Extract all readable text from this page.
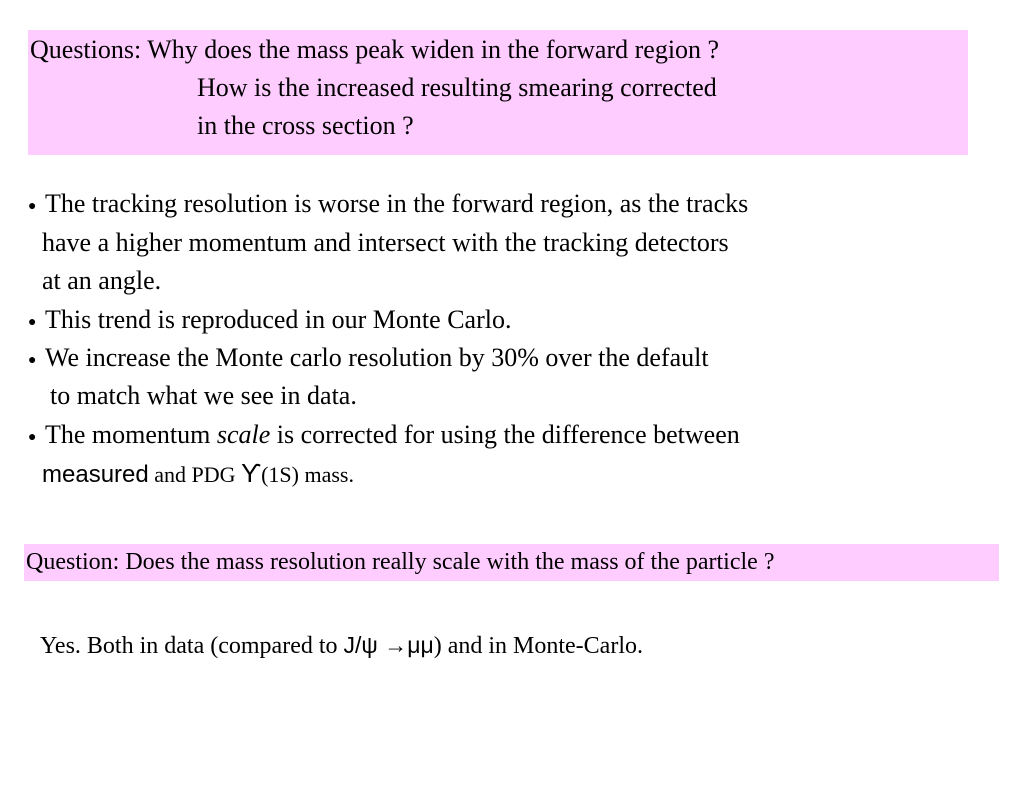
Questions: Why does the mass peak widen in the forward region ?
How is the increased resulting smearing corrected
in the cross section ?
● The tracking resolution is worse in the forward region, as the tracks
have a higher momentum and intersect with the tracking detectors
at an angle.
● This trend is reproduced in our Monte Carlo.
● We increase the Monte carlo resolution by 30% over the default
to match what we see in data.
● The momentum scale is corrected for using the difference between
measured and PDG ϒ(1S) mass.
Question: Does the mass resolution really scale with the mass of the particle ?
Yes. Both in data (compared to J/ψ →μμ) and in Monte-Carlo.
